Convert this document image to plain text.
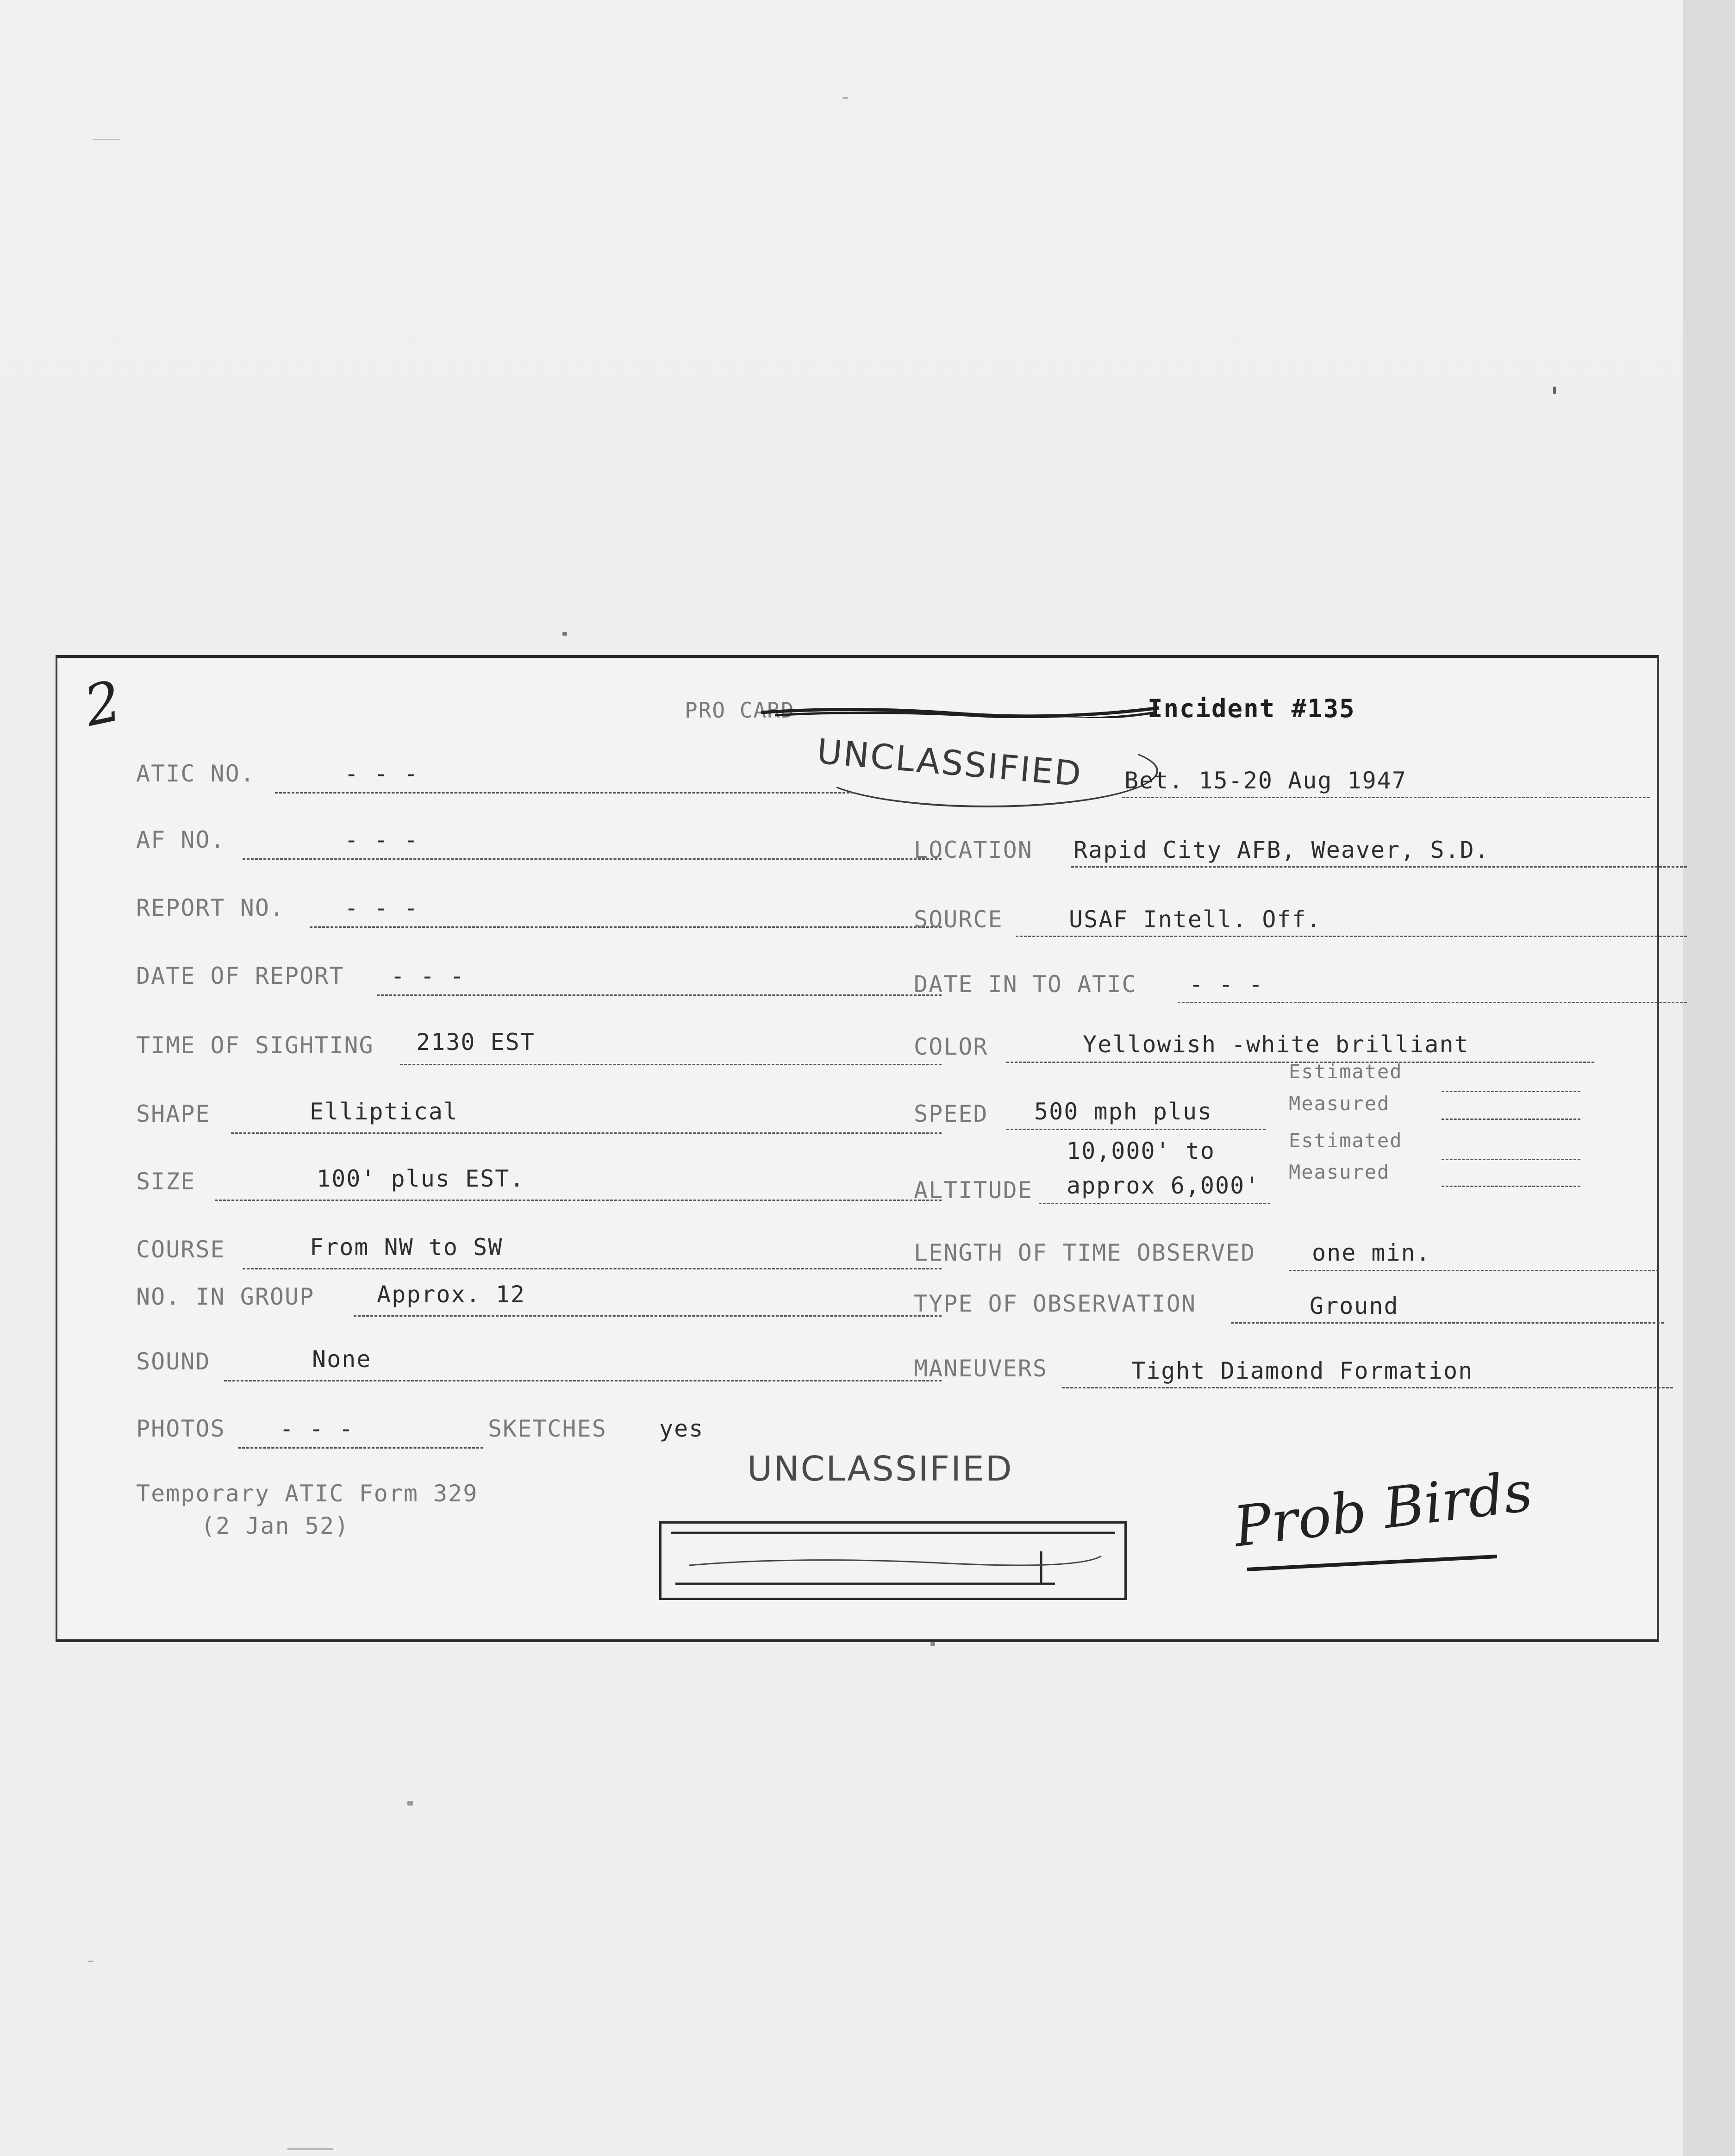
2	PRO CARD	Incident #135
UNCLASSIFIED
ATIC NO.	- - -
AF NO.	- - -
REPORT NO.	- - -
DATE OF REPORT - - -
TIME OF SIGHTING 2130 EST
SHAPE	Elliptical
SIZE	100' plus EST.
COURSE	From NW to SW
NO. IN GROUP	Approx. 12
SOUND	None
PHOTOS - - -	SKETCHES yes
Bet. 15-20 Aug 1947
LOCATION Rapid City AFB, Weaver, S.D.
SOURCE	USAF Intell. Off.
DATE IN TO ATIC - - -
COLOR	Yellowish -white brilliant
SPEED 500 mph plus
Estimated
Measured
10,000' to
ALTITUDE approx 6,000'
Estimated
Measured
LENGTH OF TIME OBSERVED one min.
TYPE OF OBSERVATION	Ground
MANEUVERS	Tight Diamond Formation
UNCLASSIFIED
Temporary ATIC Form 329
(2 Jan 52)	Prob Birds
